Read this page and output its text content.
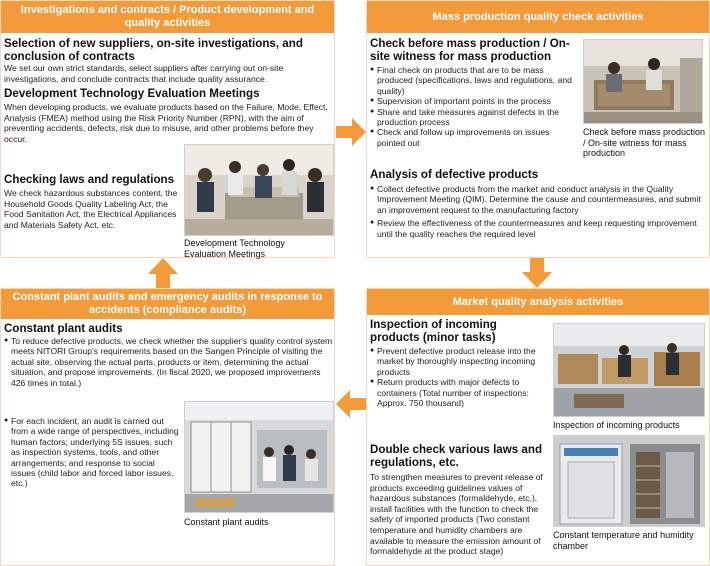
Investigations and contracts / Product development and quality activities
Selection of new suppliers, on-site investigations, and conclusion of contracts
We set our own strict standards, select suppliers after carrying out on-site investigations, and conclude contracts that include quality assurance.
Development Technology Evaluation Meetings
When developing products, we evaluate products based on the Failure, Mode, Effect, Analysis (FMEA) method using the Risk Priority Number (RPN), with the aim of preventing accidents, defects, risk due to misuse, and other problems before they occur.
Checking laws and regulations
We check hazardous substances content, the Household Goods Quality Labeling Act, the Food Sanitation Act, the Electrical Appliances and Materials Safety Act, etc.
Development Technology Evaluation Meetings
Mass production quality check activities
Check before mass production / On-site witness for mass production
● Final check on products that are to be mass produced (specifications, laws and regulations, and quality)
● Supervision of important points in the process
● Share and take measures against defects in the production process
● Check and follow up improvements on issues pointed out
Check before mass production / On-site witness for mass production
Analysis of defective products
● Collect defective products from the market and conduct analysis in the Quality Improvement Meeting (QIM). Determine the cause and countermeasures, and submit an improvement request to the manufacturing factory
● Review the effectiveness of the countermeasures and keep requesting improvement until the quality reaches the required level
Constant plant audits and emergency audits in response to accidents (compliance audits)
Constant plant audits
● To reduce defective products, we check whether the supplier's quality control system meets NITORI Group's requirements based on the Sangen Principle of visiting the actual site, observing the actual parts, products or item, determining the actual situation, and propose improvements. (In fiscal 2020, we proposed improvements 426 times in total.)
● For each incident, an audit is carried out from a wide range of perspectives, including human factors; underlying 5S issues, such as inspection systems, tools, and other arrangements; and response to social issues (child labor and forced labor issues, etc.)
Constant plant audits
Market quality analysis activities
Inspection of incoming products (minor tasks)
● Prevent defective product release into the market by thoroughly inspecting incoming products
● Return products with major defects to containers (Total number of inspections: Approx. 750 thousand)
Inspection of incoming products
Double check various laws and regulations, etc.
To strengthen measures to prevent release of products exceeding guidelines values of hazardous substances (formaldehyde, etc.), install facilities with the function to check the safety of imported products (Two constant temperature and humidity chambers are available to measure the emission amount of formaldehyde at the product stage)
Constant temperature and humidity chamber
